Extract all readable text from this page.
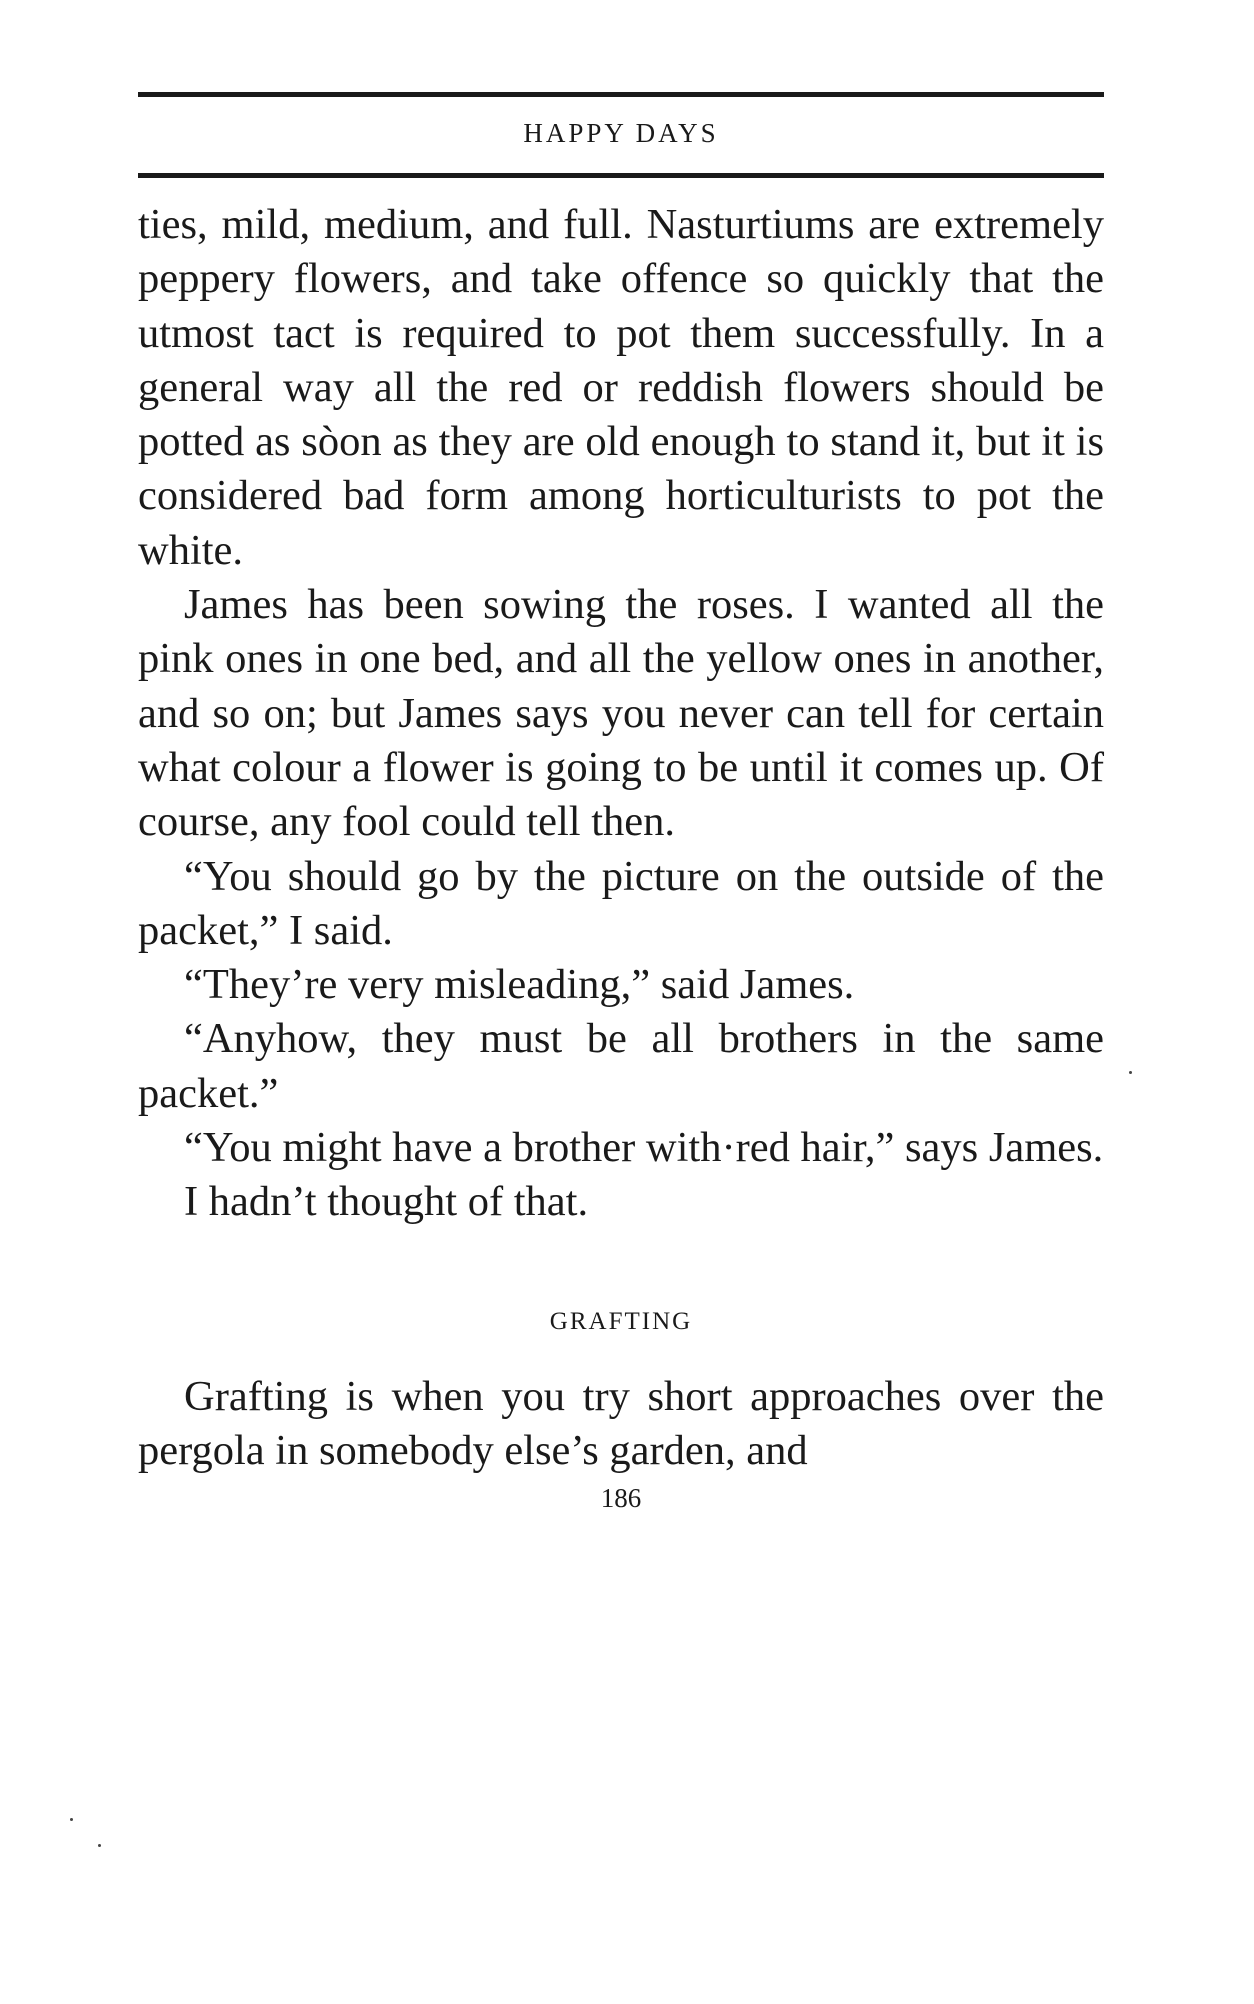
HAPPY DAYS

ties, mild, medium, and full. Nasturtiums are extremely peppery flowers, and take offence so quickly that the utmost tact is required to pot them successfully. In a general way all the red or reddish flowers should be potted as sòon as they are old enough to stand it, but it is considered bad form among horticulturists to pot the white.

James has been sowing the roses. I wanted all the pink ones in one bed, and all the yellow ones in another, and so on; but James says you never can tell for certain what colour a flower is going to be until it comes up. Of course, any fool could tell then.

“You should go by the picture on the outside of the packet,” I said.

“They’re very misleading,” said James.

“Anyhow, they must be all brothers in the same packet.”

“You might have a brother with·red hair,” says James.

I hadn’t thought of that.

GRAFTING

Grafting is when you try short approaches over the pergola in somebody else’s garden, and

186
